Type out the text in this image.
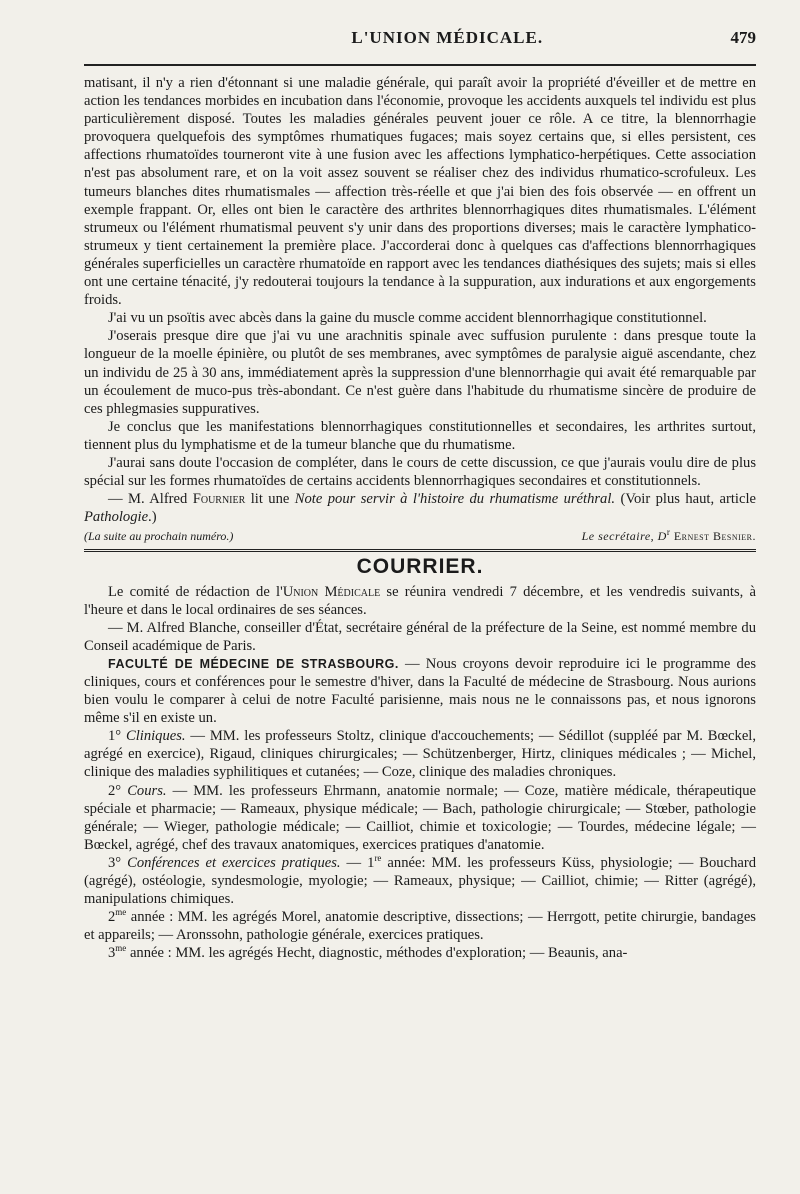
L'UNION MÉDICALE.	479

matisant, il n'y a rien d'étonnant si une maladie générale, qui paraît avoir la propriété d'éveiller et de mettre en action les tendances morbides en incubation dans l'économie, provoque les accidents auxquels tel individu est plus particulièrement disposé. Toutes les maladies générales peuvent jouer ce rôle. A ce titre, la blennorrhagie provoquera quelquefois des symptômes rhumatiques fugaces; mais soyez certains que, si elles persistent, ces affections rhumatoïdes tourneront vite à une fusion avec les affections lymphatico-herpétiques. Cette association n'est pas absolument rare, et on la voit assez souvent se réaliser chez des individus rhumatico-scrofuleux. Les tumeurs blanches dites rhumatismales — affection très-réelle et que j'ai bien des fois observée — en offrent un exemple frappant. Or, elles ont bien le caractère des arthrites blennorrhagiques dites rhumatismales. L'élément strumeux ou l'élément rhumatismal peuvent s'y unir dans des proportions diverses; mais le caractère lymphatico-strumeux y tient certainement la première place. J'accorderai donc à quelques cas d'affections blennorrhagiques générales superficielles un caractère rhumatoïde en rapport avec les tendances diathésiques des sujets; mais si elles ont une certaine ténacité, j'y redouterai toujours la tendance à la suppuration, aux indurations et aux engorgements froids.

J'ai vu un psoïtis avec abcès dans la gaine du muscle comme accident blennorrhagique constitutionnel.

J'oserais presque dire que j'ai vu une arachnitis spinale avec suffusion purulente : dans presque toute la longueur de la moelle épinière, ou plutôt de ses membranes, avec symptômes de paralysie aiguë ascendante, chez un individu de 25 à 30 ans, immédiatement après la suppression d'une blennorrhagie qui avait été remarquable par un écoulement de muco-pus très-abondant. Ce n'est guère dans l'habitude du rhumatisme sincère de produire de ces phlegmasies suppuratives.

Je conclus que les manifestations blennorrhagiques constitutionnelles et secondaires, les arthrites surtout, tiennent plus du lymphatisme et de la tumeur blanche que du rhumatisme.

J'aurai sans doute l'occasion de compléter, dans le cours de cette discussion, ce que j'aurais voulu dire de plus spécial sur les formes rhumatoïdes de certains accidents blennorrhagiques secondaires et constitutionnels.

— M. Alfred Fournier lit une Note pour servir à l'histoire du rhumatisme uréthral. (Voir plus haut, article Pathologie.)

(La suite au prochain numéro.)	Le secrétaire, $D^r$ Ernest Besnier.
COURRIER.

Le comité de rédaction de l'Union Médicale se réunira vendredi 7 décembre, et les vendredis suivants, à l'heure et dans le local ordinaires de ses séances.

— M. Alfred Blanche, conseiller d'État, secrétaire général de la préfecture de la Seine, est nommé membre du Conseil académique de Paris.

FACULTÉ DE MÉDECINE DE STRASBOURG. — Nous croyons devoir reproduire ici le programme des cliniques, cours et conférences pour le semestre d'hiver, dans la Faculté de médecine de Strasbourg. Nous aurions bien voulu le comparer à celui de notre Faculté parisienne, mais nous ne le connaissons pas, et nous ignorons même s'il en existe un.

1° Cliniques. — MM. les professeurs Stoltz, clinique d'accouchements; — Sédillot (suppléé par M. Bœckel, agrégé en exercice), Rigaud, cliniques chirurgicales; — Schützenberger, Hirtz, cliniques médicales ; — Michel, clinique des maladies syphilitiques et cutanées; — Coze, clinique des maladies chroniques.

2° Cours. — MM. les professeurs Ehrmann, anatomie normale; — Coze, matière médicale, thérapeutique spéciale et pharmacie; — Rameaux, physique médicale; — Bach, pathologie chirurgicale; — Stœber, pathologie générale; — Wieger, pathologie médicale; — Cailliot, chimie et toxicologie; — Tourdes, médecine légale; — Bœckel, agrégé, chef des travaux anatomiques, exercices pratiques d'anatomie.

3° Conférences et exercices pratiques. — 1re année: MM. les professeurs Küss, physiologie; — Bouchard (agrégé), ostéologie, syndesmologie, myologie; — Rameaux, physique; — Cailliot, chimie; — Ritter (agrégé), manipulations chimiques.

$2^{me}$ année : MM. les agrégés Morel, anatomie descriptive, dissections; — Herrgott, petite chirurgie, bandages et appareils; — Aronssohn, pathologie générale, exercices pratiques.

$3^{me}$ année : MM. les agrégés Hecht, diagnostic, méthodes d'exploration; — Beaunis, ana-
